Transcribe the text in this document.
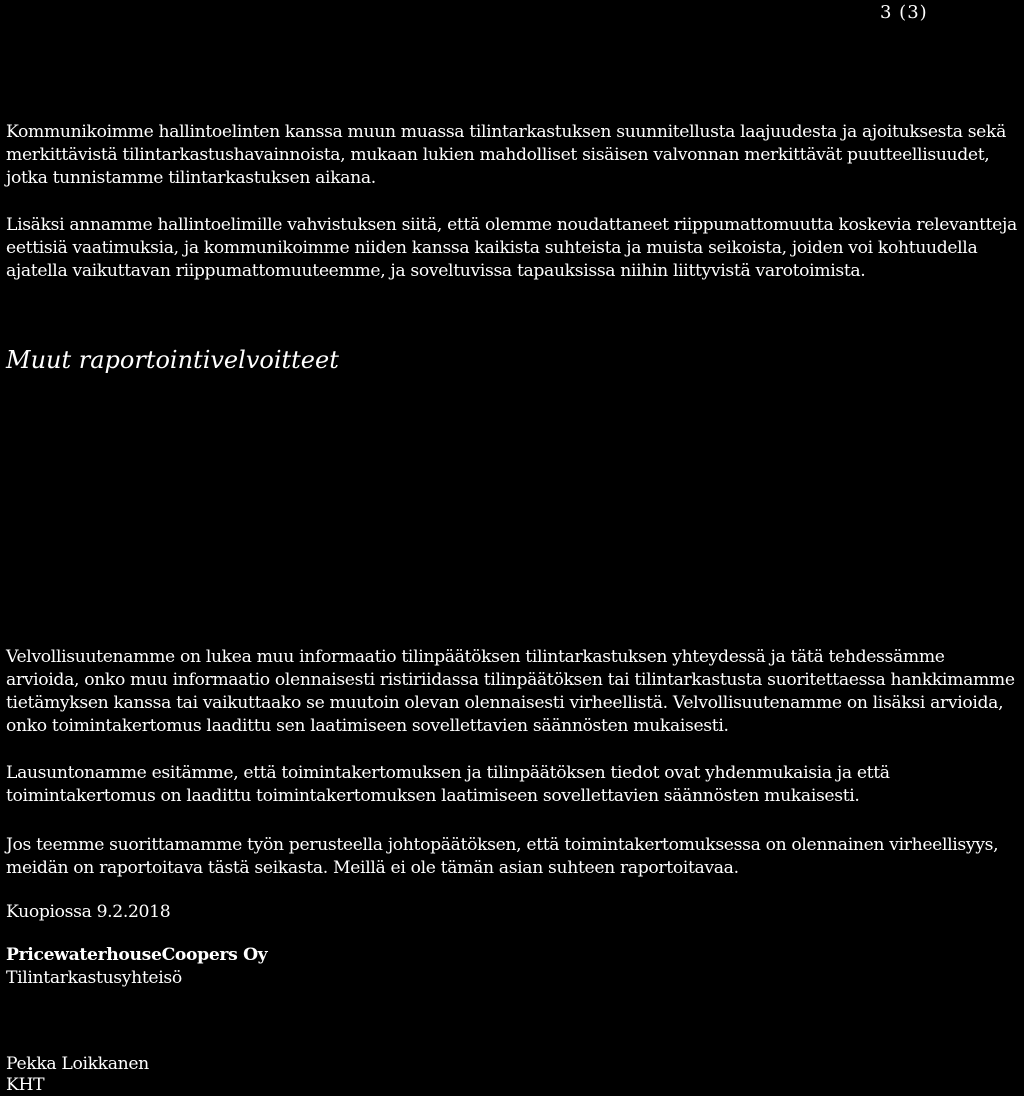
3 (3)

Kommunikoimme hallintoelinten kanssa muun muassa tilintarkastuksen suunnitellusta laajuudesta ja ajoituksesta sekä merkittävistä tilintarkastushavainnoista, mukaan lukien mahdolliset sisäisen valvonnan merkittävät puutteellisuudet, jotka tunnistamme tilintarkastuksen aikana.

Lisäksi annamme hallintoelimille vahvistuksen siitä, että olemme noudattaneet riippumattomuutta koskevia relevantteja eettisiä vaatimuksia, ja kommunikoimme niiden kanssa kaikista suhteista ja muista seikoista, joiden voi kohtuudella ajatella vaikuttavan riippumattomuuteemme, ja soveltuvissa tapauksissa niihin liittyvistä varotoimista.

Muut raportointivelvoitteet

Velvollisuutenamme on lukea muu informaatio tilinpäätöksen tilintarkastuksen yhteydessä ja tätä tehdessämme arvioida, onko muu informaatio olennaisesti ristiriidassa tilinpäätöksen tai tilintarkastusta suoritettaessa hankkimamme tietämyksen kanssa tai vaikuttaako se muutoin olevan olennaisesti virheellistä. Velvollisuutenamme on lisäksi arvioida, onko toimintakertomus laadittu sen laatimiseen sovellettavien säännösten mukaisesti.

Lausuntonamme esitämme, että toimintakertomuksen ja tilinpäätöksen tiedot ovat yhdenmukaisia ja että toimintakertomus on laadittu toimintakertomuksen laatimiseen sovellettavien säännösten mukaisesti.

Jos teemme suorittamamme työn perusteella johtopäätöksen, että toimintakertomuksessa on olennainen virheellisyys, meidän on raportoitava tästä seikasta. Meillä ei ole tämän asian suhteen raportoitavaa.

Kuopiossa 9.2.2018
PricewaterhouseCoopers Oy
Tilintarkastusyhteisö
Pekka Loikkanen
KHT
